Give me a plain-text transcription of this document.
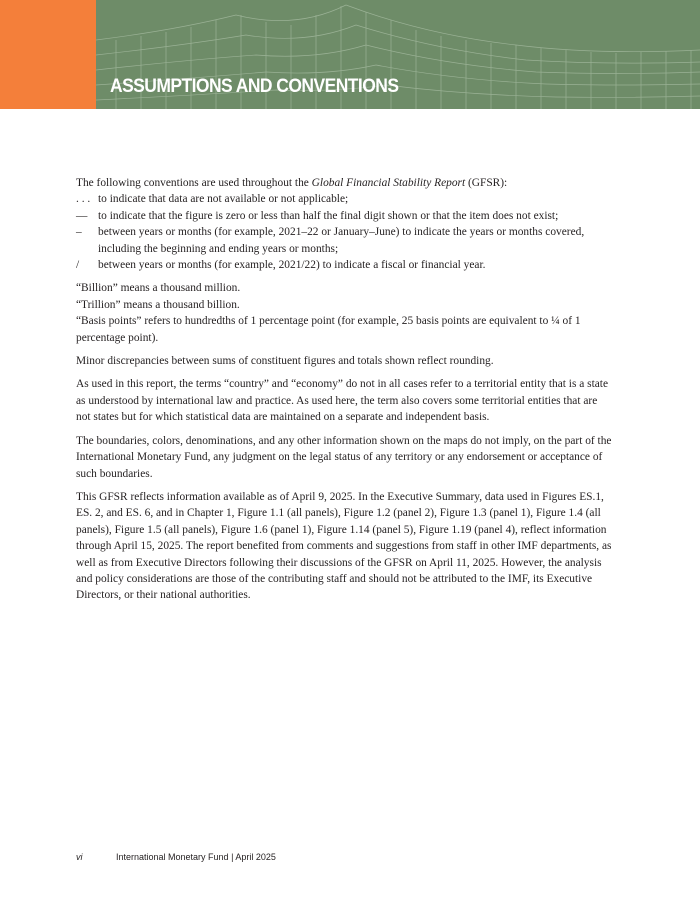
ASSUMPTIONS AND CONVENTIONS

The following conventions are used throughout the Global Financial Stability Report (GFSR):

. . . to indicate that data are not available or not applicable;
— to indicate that the figure is zero or less than half the final digit shown or that the item does not exist;
–	between years or months (for example, 2021–22 or January–June) to indicate the years or months covered, including the beginning and ending years or months;
/	between years or months (for example, 2021/22) to indicate a fiscal or financial year.
“Billion” means a thousand million.
“Trillion” means a thousand billion.
“Basis points” refers to hundredths of 1 percentage point (for example, 25 basis points are equivalent to ¼ of 1 percentage point).

Minor discrepancies between sums of constituent figures and totals shown reflect rounding.

As used in this report, the terms “country” and “economy” do not in all cases refer to a territorial entity that is a state as understood by international law and practice. As used here, the term also covers some territorial entities that are not states but for which statistical data are maintained on a separate and independent basis.

The boundaries, colors, denominations, and any other information shown on the maps do not imply, on the part of the International Monetary Fund, any judgment on the legal status of any territory or any endorsement or acceptance of such boundaries.

This GFSR reflects information available as of April 9, 2025. In the Executive Summary, data used in Figures ES.1, ES. 2, and ES. 6, and in Chapter 1, Figure 1.1 (all panels), Figure 1.2 (panel 2), Figure 1.3 (panel 1), Figure 1.4 (all panels), Figure 1.5 (all panels), Figure 1.6 (panel 1), Figure 1.14 (panel 5), Figure 1.19 (panel 4), reflect information through April 15, 2025. The report benefited from comments and suggestions from staff in other IMF departments, as well as from Executive Directors following their discussions of the GFSR on April 11, 2025. However, the analysis and policy considerations are those of the contributing staff and should not be attributed to the IMF, its Executive Directors, or their national authorities.

vi	International Monetary Fund | April 2025
